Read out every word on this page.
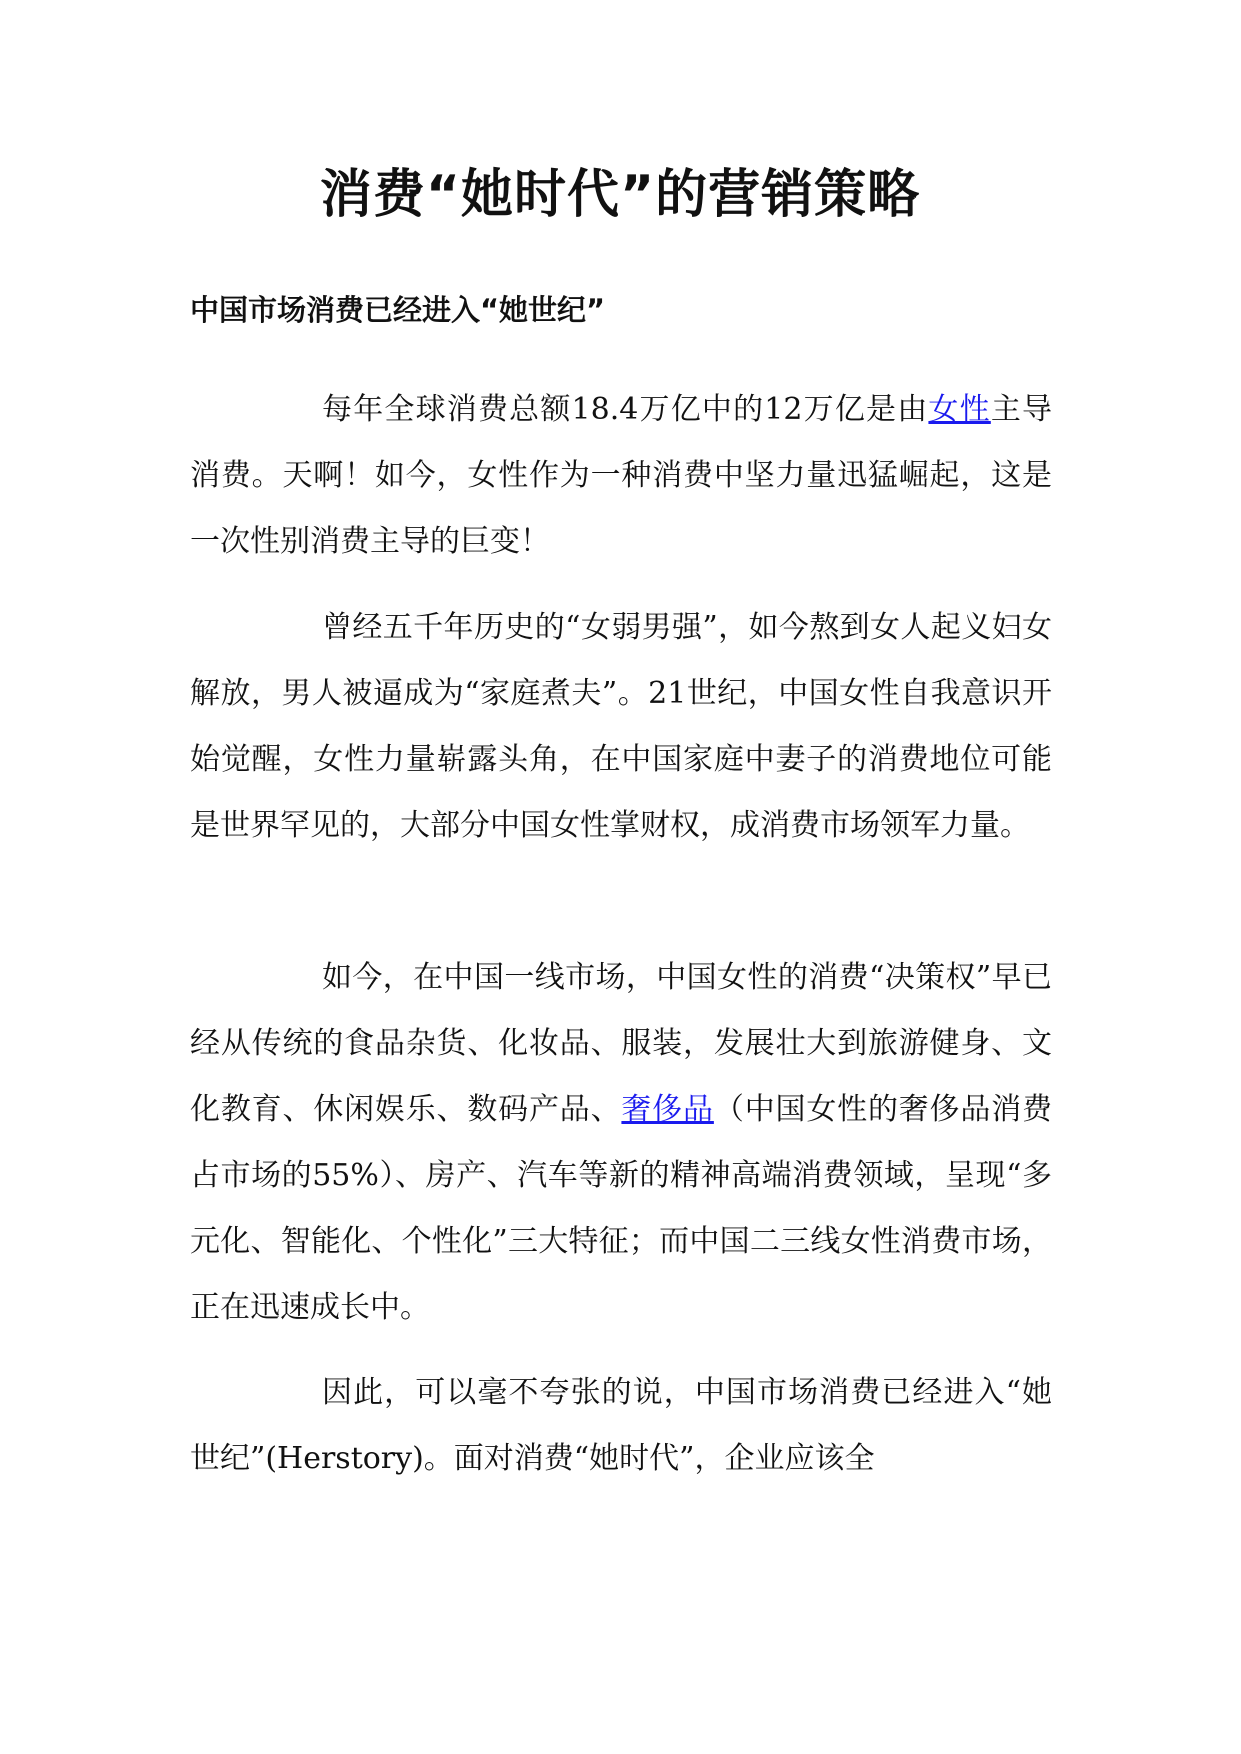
消费“她时代”的营销策略
中国市场消费已经进入“她世纪”

每年全球消费总额18.4万亿中的12万亿是由女性主导消费。天啊！如今，女性作为一种消费中坚力量迅猛崛起，这是一次性别消费主导的巨变！

曾经五千年历史的“女弱男强”，如今熬到女人起义妇女解放，男人被逼成为“家庭煮夫”。21世纪，中国女性自我意识开始觉醒，女性力量崭露头角，在中国家庭中妻子的消费地位可能是世界罕见的，大部分中国女性掌财权，成消费市场领军力量。

如今，在中国一线市场，中国女性的消费“决策权”早已经从传统的食品杂货、化妆品、服装，发展壮大到旅游健身、文化教育、休闲娱乐、数码产品、奢侈品（中国女性的奢侈品消费占市场的55%）、房产、汽车等新的精神高端消费领域，呈现“多元化、智能化、个性化”三大特征；而中国二三线女性消费市场，正在迅速成长中。

因此，可以毫不夸张的说，中国市场消费已经进入“她世纪”(Herstory)。面对消费“她时代”，企业应该全
